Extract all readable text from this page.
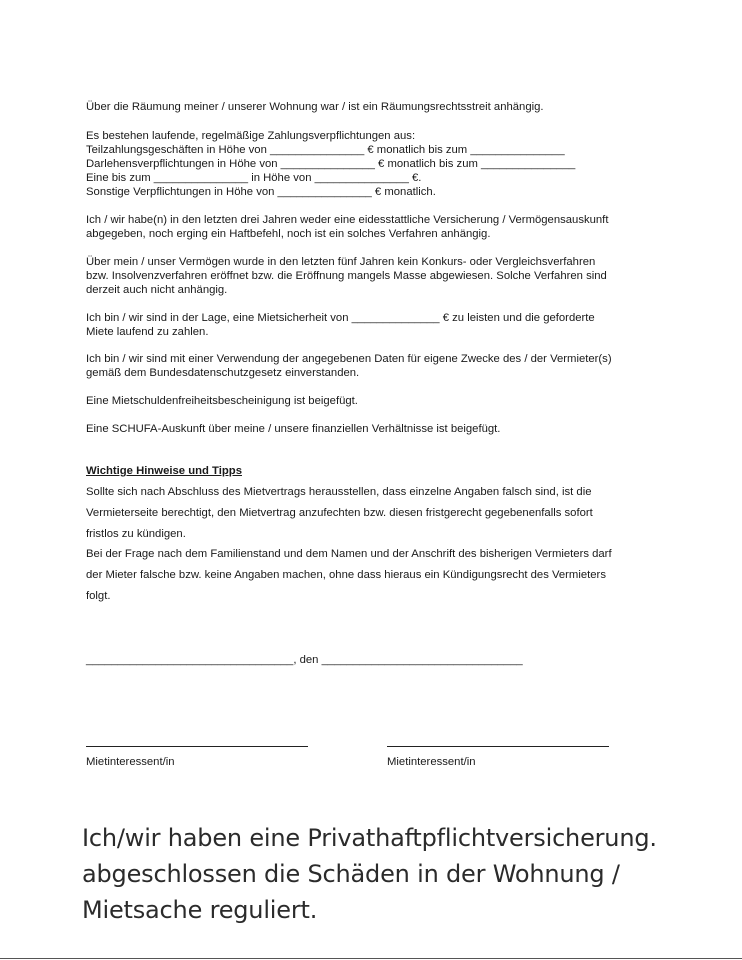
Über die Räumung meiner / unserer Wohnung war / ist ein Räumungsrechtsstreit anhängig.

Es bestehen laufende, regelmäßige Zahlungsverpflichtungen aus:

Teilzahlungsgeschäften in Höhe von _______________ € monatlich bis zum _______________

Darlehensverpflichtungen in Höhe von _______________ € monatlich bis zum _______________

Eine bis zum _______________ in Höhe von _______________ €.

Sonstige Verpflichtungen in Höhe von _______________ € monatlich.

Ich / wir habe(n) in den letzten drei Jahren weder eine eidesstattliche Versicherung / Vermögensauskunft

abgegeben, noch erging ein Haftbefehl, noch ist ein solches Verfahren anhängig.

Über mein / unser Vermögen wurde in den letzten fünf Jahren kein Konkurs- oder Vergleichsverfahren

bzw. Insolvenzverfahren eröffnet bzw. die Eröffnung mangels Masse abgewiesen. Solche Verfahren sind

derzeit auch nicht anhängig.

Ich bin / wir sind in der Lage, eine Mietsicherheit von ______________ € zu leisten und die geforderte

Miete laufend zu zahlen.

Ich bin / wir sind mit einer Verwendung der angegebenen Daten für eigene Zwecke des / der Vermieter(s)

gemäß dem Bundesdatenschutzgesetz einverstanden.

Eine Mietschuldenfreiheitsbescheinigung ist beigefügt.

Eine SCHUFA-Auskunft über meine / unsere finanziellen Verhältnisse ist beigefügt.

Wichtige Hinweise und Tipps

Sollte sich nach Abschluss des Mietvertrags herausstellen, dass einzelne Angaben falsch sind, ist die

Vermieterseite berechtigt, den Mietvertrag anzufechten bzw. diesen fristgerecht gegebenenfalls sofort

fristlos zu kündigen.

Bei der Frage nach dem Familienstand und dem Namen und der Anschrift des bisherigen Vermieters darf

der Mieter falsche bzw. keine Angaben machen, ohne dass hieraus ein Kündigungsrecht des Vermieters

folgt.

_________________________________, den ________________________________

Mietinteressent/in	Mietinteressent/in
Ich/wir haben eine Privathaftpflichtversicherung.
abgeschlossen die Schäden in der Wohnung /
Mietsache reguliert.
